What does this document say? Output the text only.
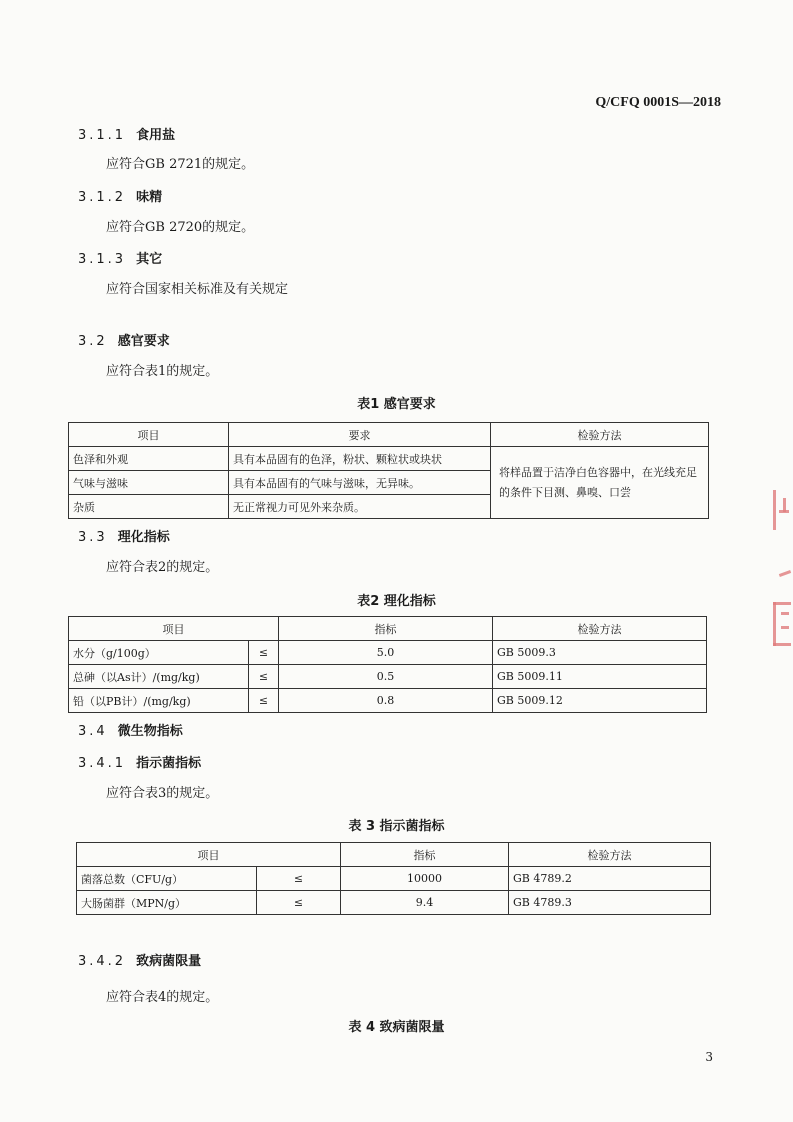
Q/CFQ 0001S—2018
3.1.1 食用盐
应符合GB 2721的规定。
3.1.2 味精
应符合GB 2720的规定。
3.1.3 其它
应符合国家相关标准及有关规定
3.2 感官要求
应符合表1的规定。
表1 感官要求
项目	要求	检验方法
色泽和外观	具有本品固有的色泽，粉状、颗粒状或块状	将样品置于洁净白色容器中，在光线充足的条件下目测、鼻嗅、口尝
气味与滋味	具有本品固有的气味与滋味，无异味。	
杂质	无正常视力可见外来杂质。	
3.3 理化指标
应符合表2的规定。
表2 理化指标
项目		指标	检验方法
水分（g/100g）	≤	5.0	GB 5009.3
总砷（以As计）/(mg/kg)	≤	0.5	GB 5009.11
铅（以PB计）/(mg/kg)	≤	0.8	GB 5009.12
3.4 微生物指标
3.4.1 指示菌指标
应符合表3的规定。
表 3 指示菌指标
项目		指标	检验方法
菌落总数（CFU/g）	≤	10000	GB 4789.2
大肠菌群（MPN/g）	≤	9.4	GB 4789.3
3.4.2 致病菌限量
应符合表4的规定。
表 4 致病菌限量
3
